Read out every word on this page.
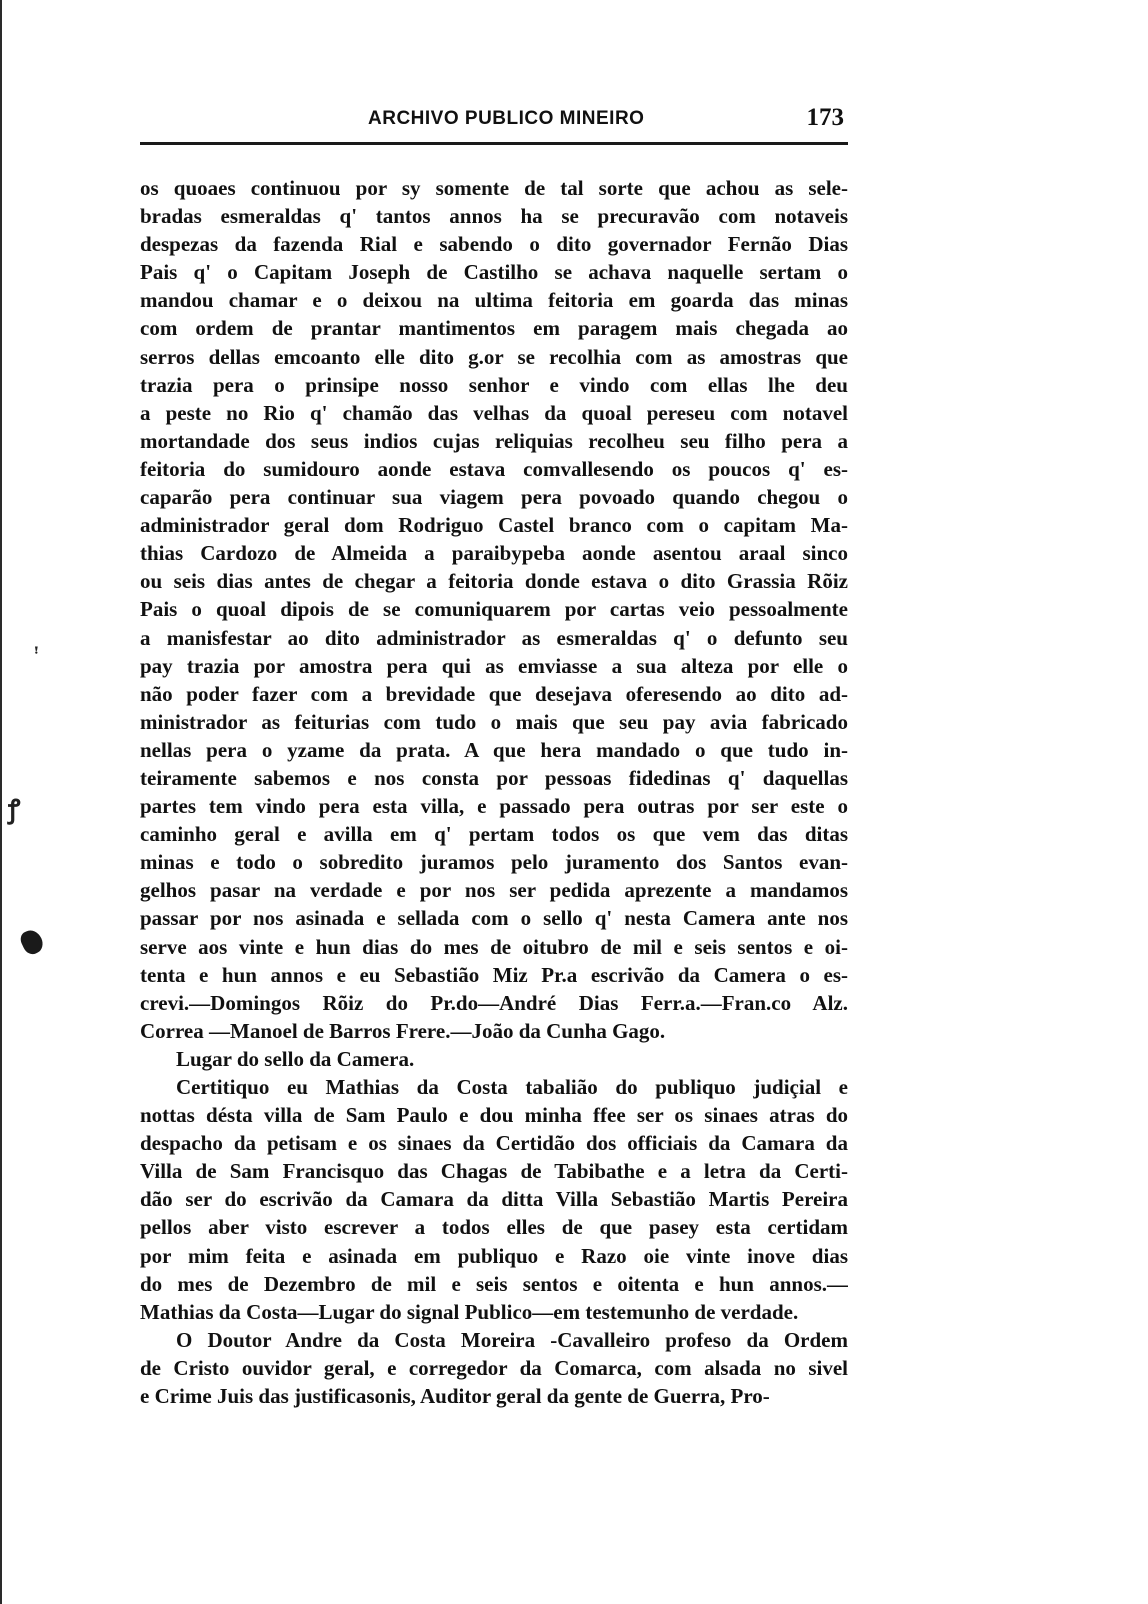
ARCHIVO PUBLICO MINEIRO	173
os quoaes continuou por sy somente de tal sorte que achou as sele-
bradas esmeraldas q' tantos annos ha se precuravão com notaveis
despezas da fazenda Rial e sabendo o dito governador Fernão Dias
Pais q' o Capitam Joseph de Castilho se achava naquelle sertam o
mandou chamar e o deixou na ultima feitoria em goarda das minas
com ordem de prantar mantimentos em paragem mais chegada ao
serros dellas emcoanto elle dito g.or se recolhia com as amostras que
trazia pera o prinsipe nosso senhor e vindo com ellas lhe deu
a peste no Rio q' chamão das velhas da quoal pereseu com notavel
mortandade dos seus indios cujas reliquias recolheu seu filho pera a
feitoria do sumidouro aonde estava comvallesendo os poucos q' es-
caparão pera continuar sua viagem pera povoado quando chegou o
administrador geral dom Rodriguo Castel branco com o capitam Ma-
thias Cardozo de Almeida a paraibypeba aonde asentou araal sinco
ou seis dias antes de chegar a feitoria donde estava o dito Grassia Rõiz
Pais o quoal dipois de se comuniquarem por cartas veio pessoalmente
a manisfestar ao dito administrador as esmeraldas q' o defunto seu
pay trazia por amostra pera qui as emviasse a sua alteza por elle o
não poder fazer com a brevidade que desejava oferesendo ao dito ad-
ministrador as feiturias com tudo o mais que seu pay avia fabricado
nellas pera o yzame da prata. A que hera mandado o que tudo in-
teiramente sabemos e nos consta por pessoas fidedinas q' daquellas
partes tem vindo pera esta villa, e passado pera outras por ser este o
caminho geral e avilla em q' pertam todos os que vem das ditas
minas e todo o sobredito juramos pelo juramento dos Santos evan-
gelhos pasar na verdade e por nos ser pedida aprezente a mandamos
passar por nos asinada e sellada com o sello q' nesta Camera ante nos
serve aos vinte e hun dias do mes de oitubro de mil e seis sentos e oi-
tenta e hun annos e eu Sebastião Miz Pr.a escrivão da Camera o es-
crevi.—Domingos Rõiz do Pr.do—André Dias Ferr.a.—Fran.co Alz.
Correa —Manoel de Barros Frere.—João da Cunha Gago.
Lugar do sello da Camera.
Certitiquo eu Mathias da Costa tabalião do publiquo judiçial e
nottas désta villa de Sam Paulo e dou minha ffee ser os sinaes atras do
despacho da petisam e os sinaes da Certidão dos officiais da Camara da
Villa de Sam Francisquo das Chagas de Tabibathe e a letra da Certi-
dão ser do escrivão da Camara da ditta Villa Sebastião Martis Pereira
pellos aber visto escrever a todos elles de que pasey esta certidam
por mim feita e asinada em publiquo e Razo oie vinte inove dias
do mes de Dezembro de mil e seis sentos e oitenta e hun annos.—
Mathias da Costa—Lugar do signal Publico—em testemunho de verdade.
O Doutor Andre da Costa Moreira -Cavalleiro profeso da Ordem
de Cristo ouvidor geral, e corregedor da Comarca, com alsada no sivel
e Crime Juis das justificasonis, Auditor geral da gente de Guerra, Pro-
ꜝ
ꝭ
